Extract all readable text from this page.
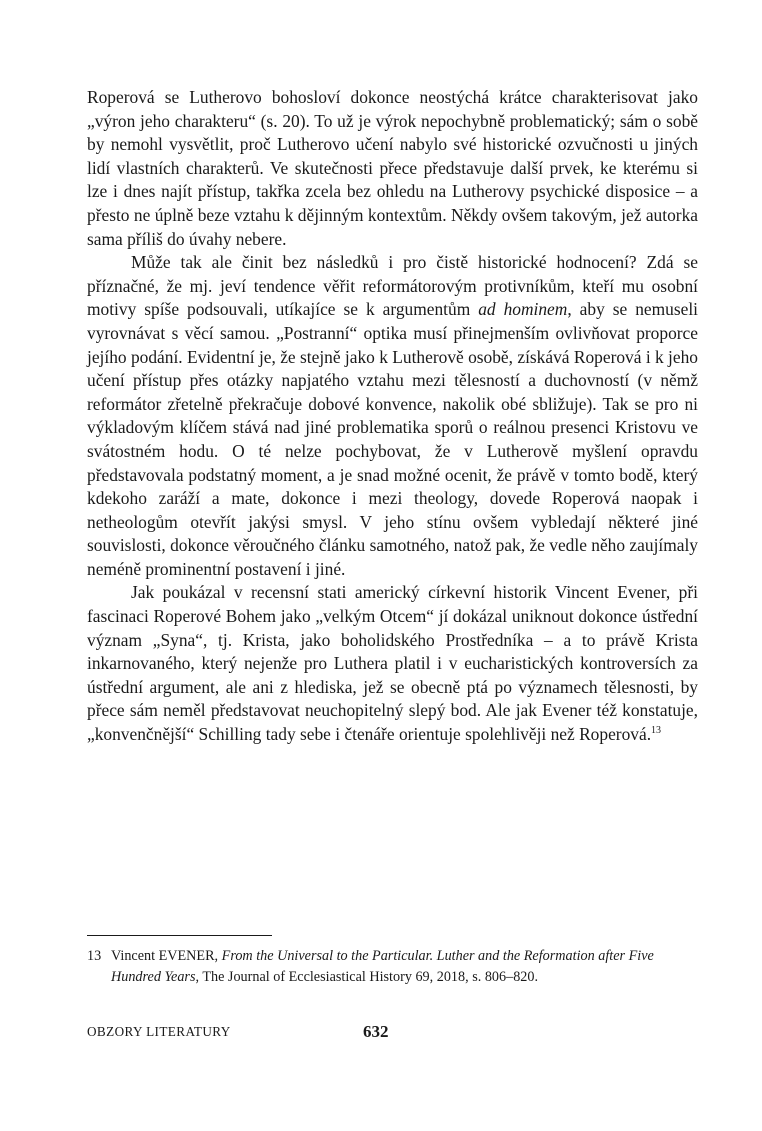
Roperová se Lutherovo bohosloví dokonce neostýchá krátce charakterisovat jako „výron jeho charakteru“ (s. 20). To už je výrok nepochybně problematický; sám o sobě by nemohl vysvětlit, proč Lutherovo učení nabylo své historické ozvučnosti u jiných lidí vlastních charakterů. Ve skutečnosti přece představuje další prvek, ke kterému si lze i dnes najít přístup, takřka zcela bez ohledu na Lutherovy psychické disposice – a přesto ne úplně beze vztahu k dějinným kontextům. Někdy ovšem takovým, jež autorka sama příliš do úvahy nebere.

Může tak ale činit bez následků i pro čistě historické hodnocení? Zdá se příznačné, že mj. jeví tendence věřit reformátorovým protivníkům, kteří mu osobní motivy spíše podsouvali, utíkajíce se k argumentům ad hominem, aby se nemuseli vyrovnávat s věcí samou. „Postranní“ optika musí přinejmenším ovlivňovat proporce jejího podání. Evidentní je, že stejně jako k Lutherově osobě, získává Roperová i k jeho učení přístup přes otázky napjatého vztahu mezi tělesností a duchovností (v němž reformátor zřetelně překračuje dobové konvence, nakolik obé sbližuje). Tak se pro ni výkladovým klíčem stává nad jiné problematika sporů o reálnou presenci Kristovu ve svátostném hodu. O té nelze pochybovat, že v Lutherově myšlení opravdu představovala podstatný moment, a je snad možné ocenit, že právě v tomto bodě, který kdekoho zaráží a mate, dokonce i mezi theology, dovede Roperová naopak i netheologům otevřít jakýsi smysl. V jeho stínu ovšem vybledají některé jiné souvislosti, dokonce věroučného článku samotného, natož pak, že vedle něho zaujímaly neméně prominentní postavení i jiné.

Jak poukázal v recensní stati americký církevní historik Vincent Evener, při fascinaci Roperové Bohem jako „velkým Otcem“ jí dokázal uniknout dokonce ústřední význam „Syna“, tj. Krista, jako boholidského Prostředníka – a to právě Krista inkarnovaného, který nejenže pro Luthera platil i v eucharistických kontroversích za ústřední argument, ale ani z hlediska, jež se obecně ptá po významech tělesnosti, by přece sám neměl představovat neuchopitelný slepý bod. Ale jak Evener též konstatuje, „konvenčnější“ Schilling tady sebe i čtenáře orientuje spolehlivěji než Roperová.$^{13}$

13 Vincent EVENER, From the Universal to the Particular. Luther and the Reformation after Five Hundred Years, The Journal of Ecclesiastical History 69, 2018, s. 806–820.
OBZORY LITERATURY	632
